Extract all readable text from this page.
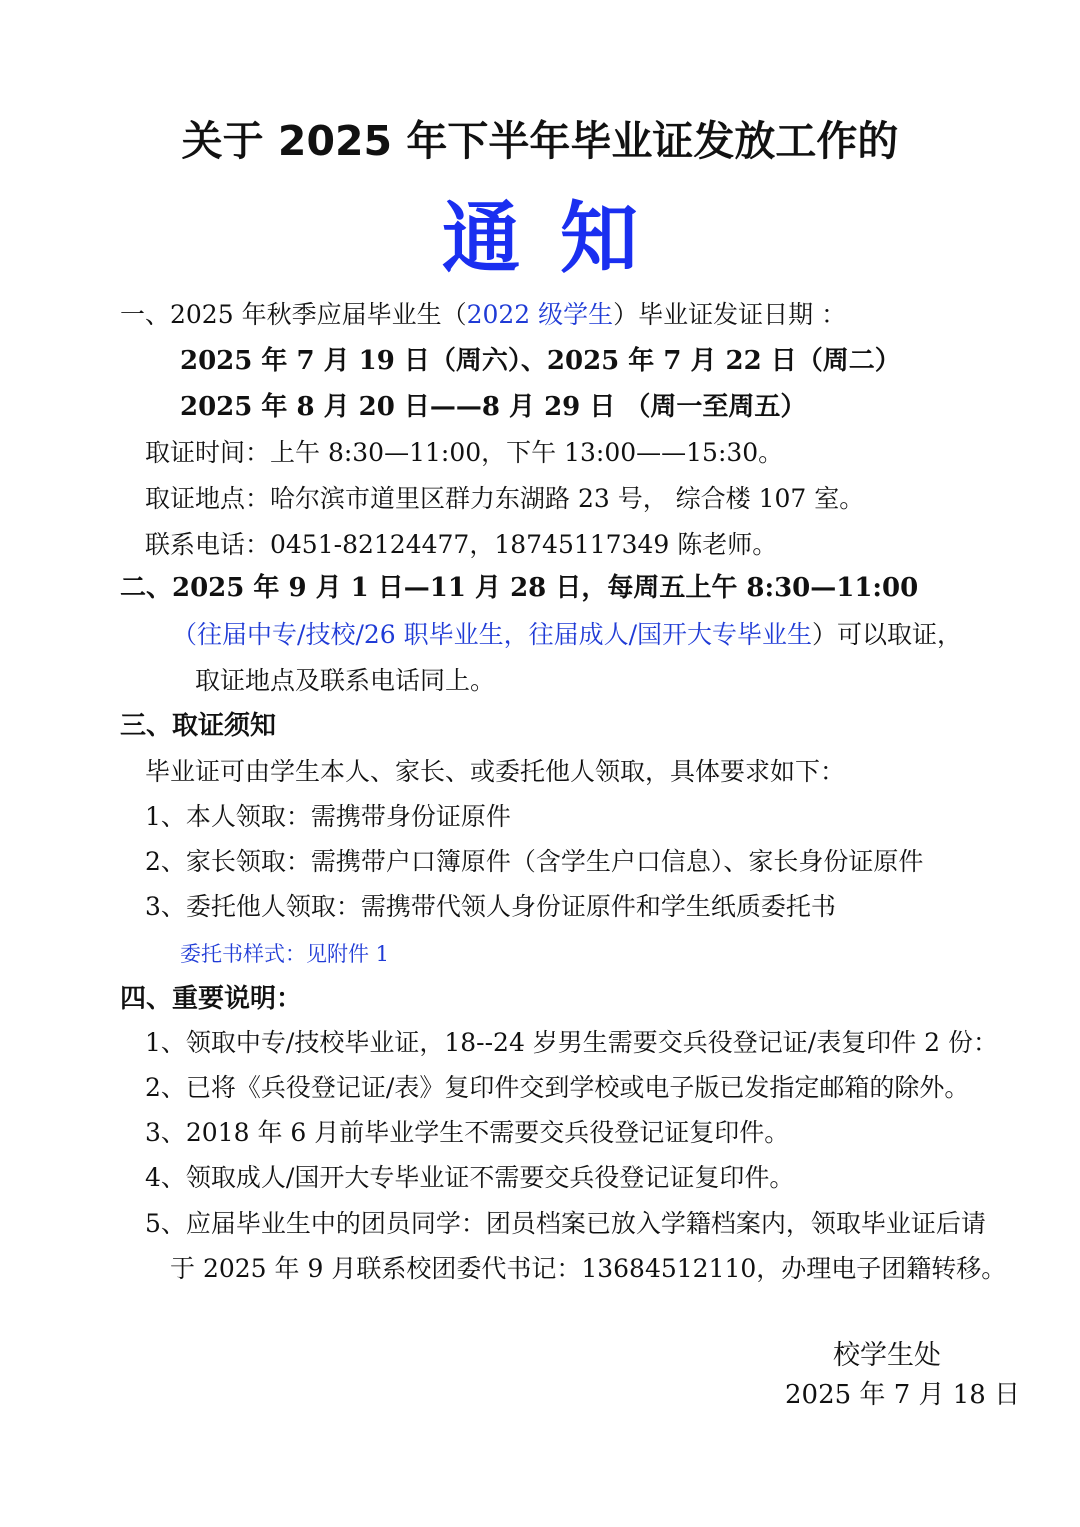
关于 2025 年下半年毕业证发放工作的
通知
一、2025 年秋季应届毕业生（2022 级学生）毕业证发证日期 ：
2025 年 7 月 19 日（周六）、2025 年 7 月 22 日（周二）
2025 年 8 月 20 日——8 月 29 日 （周一至周五）
取证时间：上午 8:30—11:00，下午 13:00——15:30。
取证地点：哈尔滨市道里区群力东湖路 23 号， 综合楼 107 室。
联系电话：0451-82124477，18745117349 陈老师。
二、2025 年 9 月 1 日—11 月 28 日，每周五上午 8:30—11:00
（往届中专/技校/26 职毕业生，往届成人/国开大专毕业生）可以取证，
取证地点及联系电话同上。
三、取证须知
毕业证可由学生本人、家长、或委托他人领取，具体要求如下：
1、本人领取：需携带身份证原件
2、家长领取：需携带户口簿原件（含学生户口信息）、家长身份证原件
3、委托他人领取：需携带代领人身份证原件和学生纸质委托书
委托书样式：见附件 1
四、重要说明：
1、领取中专/技校毕业证，18--24 岁男生需要交兵役登记证/表复印件 2 份：
2、已将《兵役登记证/表》复印件交到学校或电子版已发指定邮箱的除外。
3、2018 年 6 月前毕业学生不需要交兵役登记证复印件。
4、领取成人/国开大专毕业证不需要交兵役登记证复印件。
5、应届毕业生中的团员同学：团员档案已放入学籍档案内，领取毕业证后请
于 2025 年 9 月联系校团委代书记：13684512110，办理电子团籍转移。
校学生处
2025 年 7 月 18 日
